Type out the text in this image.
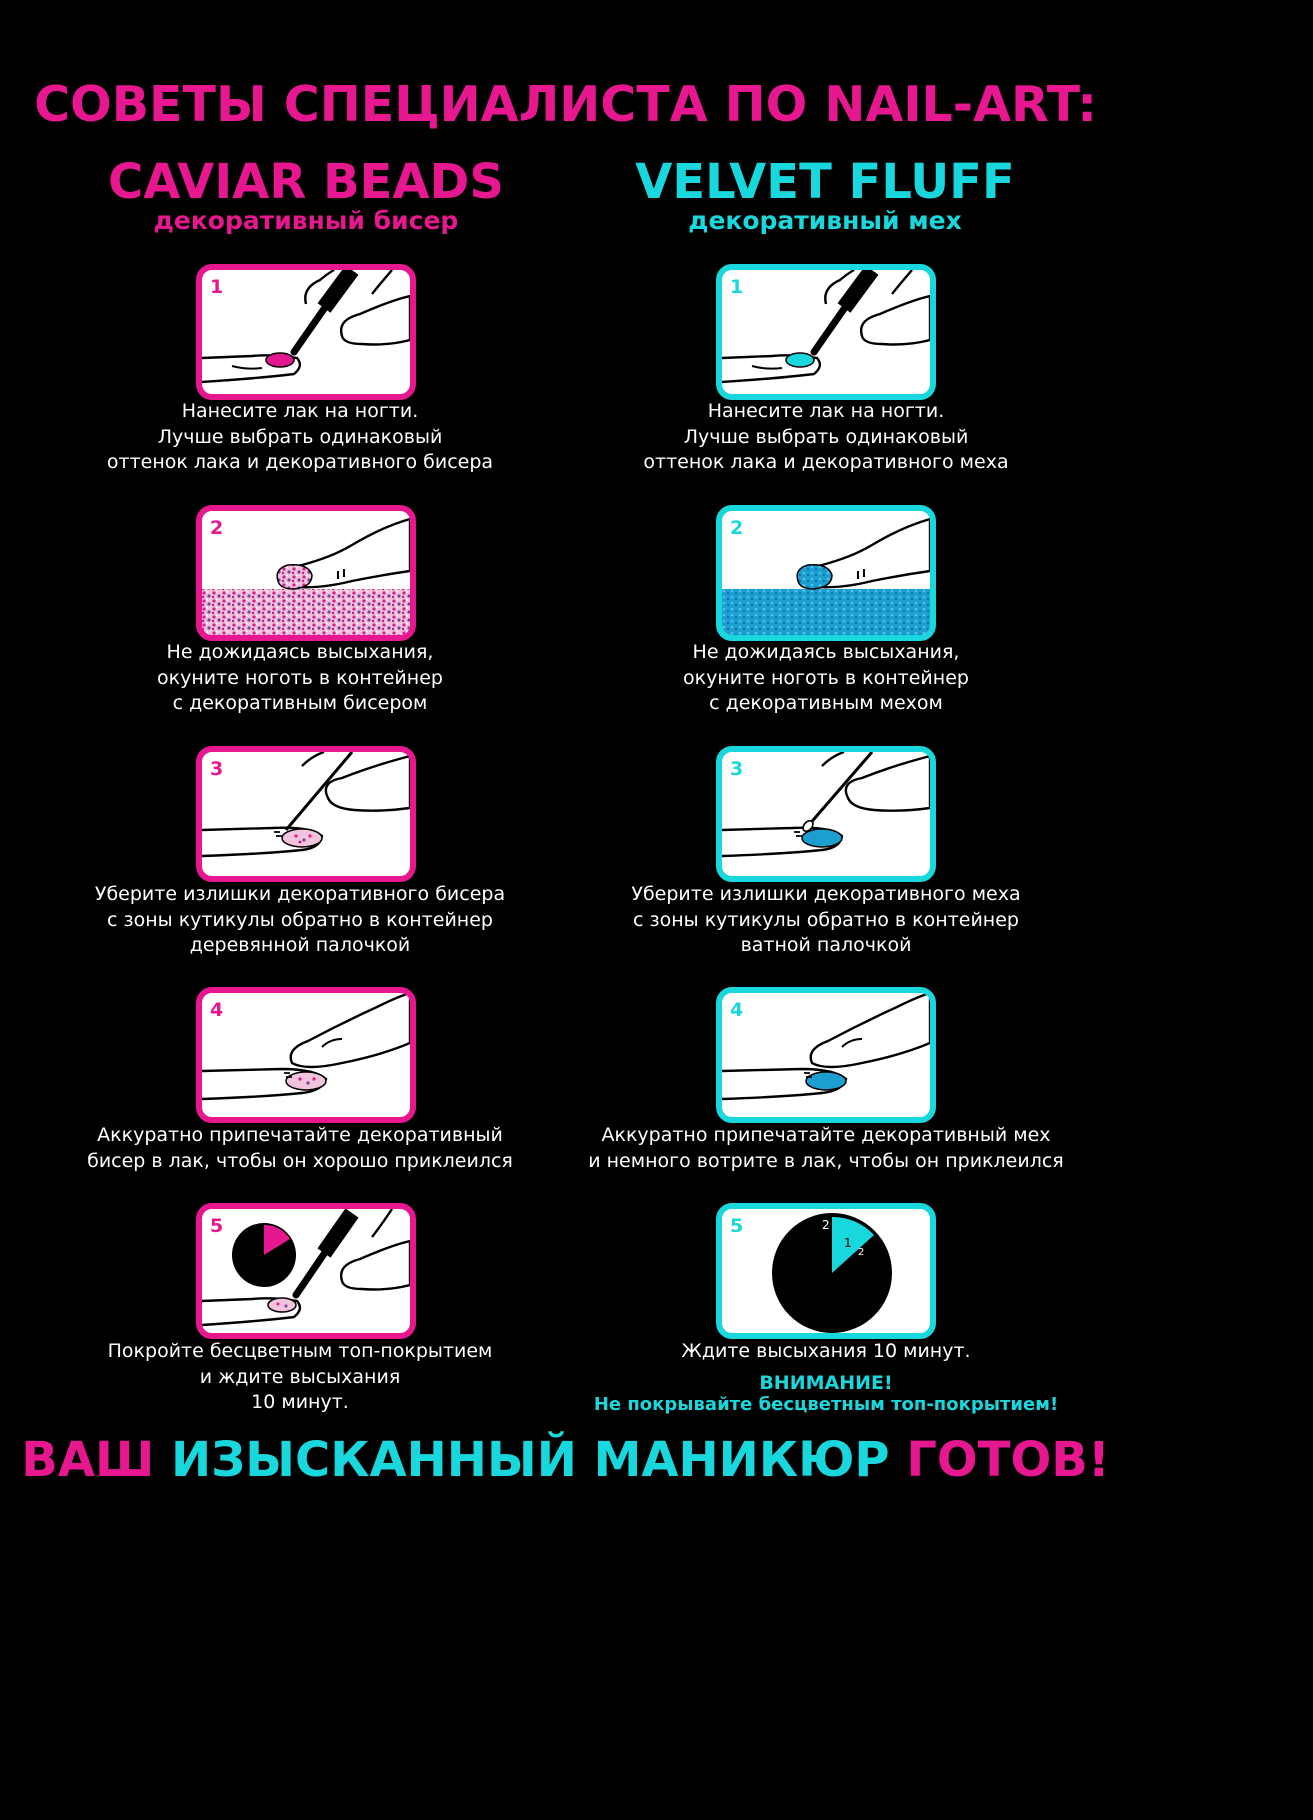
СОВЕТЫ СПЕЦИАЛИСТА ПО NAIL-ART:
CAVIAR BEADS
декоративный бисер
VELVET FLUFF
декоративный мех
1
Нанесите лак на ногти.
Лучше выбрать одинаковый
оттенок лака и декоративного бисера
2
Не дожидаясь высыхания,
окуните ноготь в контейнер
с декоративным бисером
3
Уберите излишки декоративного бисера
с зоны кутикулы обратно в контейнер
деревянной палочкой
4
Аккуратно припечатайте декоративный
бисер в лак, чтобы он хорошо приклеился
5
Покройте бесцветным топ-покрытием
и ждите высыхания
10 минут.
1
Нанесите лак на ногти.
Лучше выбрать одинаковый
оттенок лака и декоративного меха
2
Не дожидаясь высыхания,
окуните ноготь в контейнер
с декоративным мехом
3
Уберите излишки декоративного меха
с зоны кутикулы обратно в контейнер
ватной палочкой
4
Аккуратно припечатайте декоративный мех
и немного вотрите в лак, чтобы он приклеился
1
2
2
5
Ждите высыхания 10 минут.
ВНИМАНИЕ!
Не покрывайте бесцветным топ-покрытием!
ВАШ ИЗЫСКАННЫЙ МАНИКЮР ГОТОВ!
